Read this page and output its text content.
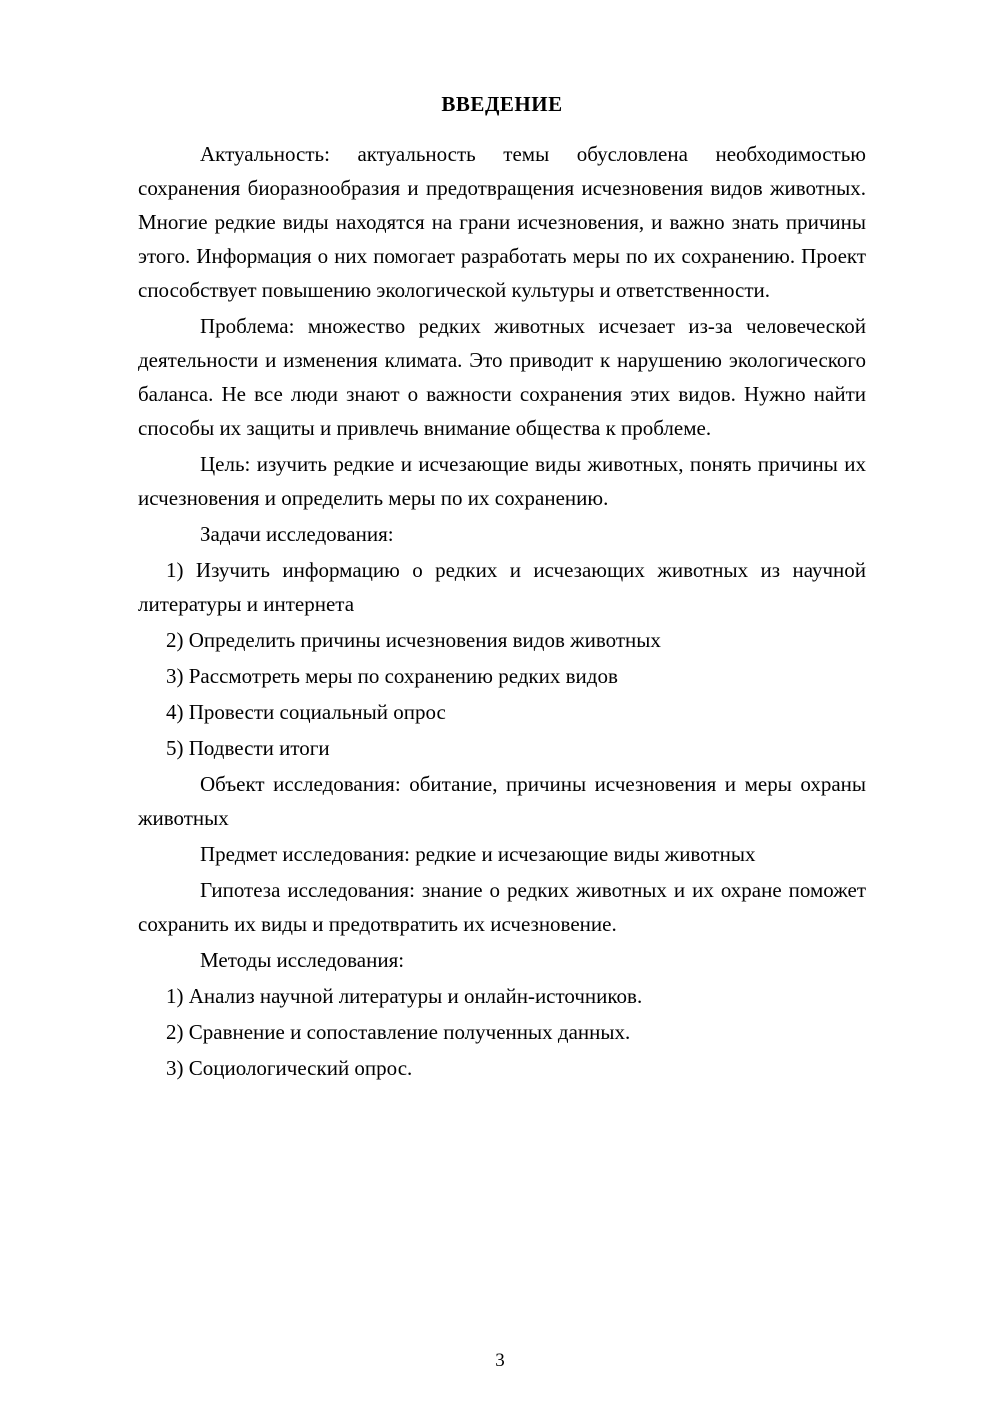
ВВЕДЕНИЕ

Актуальность: актуальность темы обусловлена необходимостью сохранения биоразнообразия и предотвращения исчезновения видов животных. Многие редкие виды находятся на грани исчезновения, и важно знать причины этого. Информация о них помогает разработать меры по их сохранению. Проект способствует повышению экологической культуры и ответственности.

Проблема: множество редких животных исчезает из-за человеческой деятельности и изменения климата. Это приводит к нарушению экологического баланса. Не все люди знают о важности сохранения этих видов. Нужно найти способы их защиты и привлечь внимание общества к проблеме.

Цель: изучить редкие и исчезающие виды животных, понять причины их исчезновения и определить меры по их сохранению.

Задачи исследования:

1) Изучить информацию о редких и исчезающих животных из научной литературы и интернета

2) Определить причины исчезновения видов животных

3) Рассмотреть меры по сохранению редких видов

4) Провести социальный опрос

5) Подвести итоги

Объект исследования: обитание, причины исчезновения и меры охраны животных

Предмет исследования: редкие и исчезающие виды животных

Гипотеза исследования: знание о редких животных и их охране поможет сохранить их виды и предотвратить их исчезновение.

Методы исследования:

1) Анализ научной литературы и онлайн-источников.

2) Сравнение и сопоставление полученных данных.

3) Социологический опрос.

3
